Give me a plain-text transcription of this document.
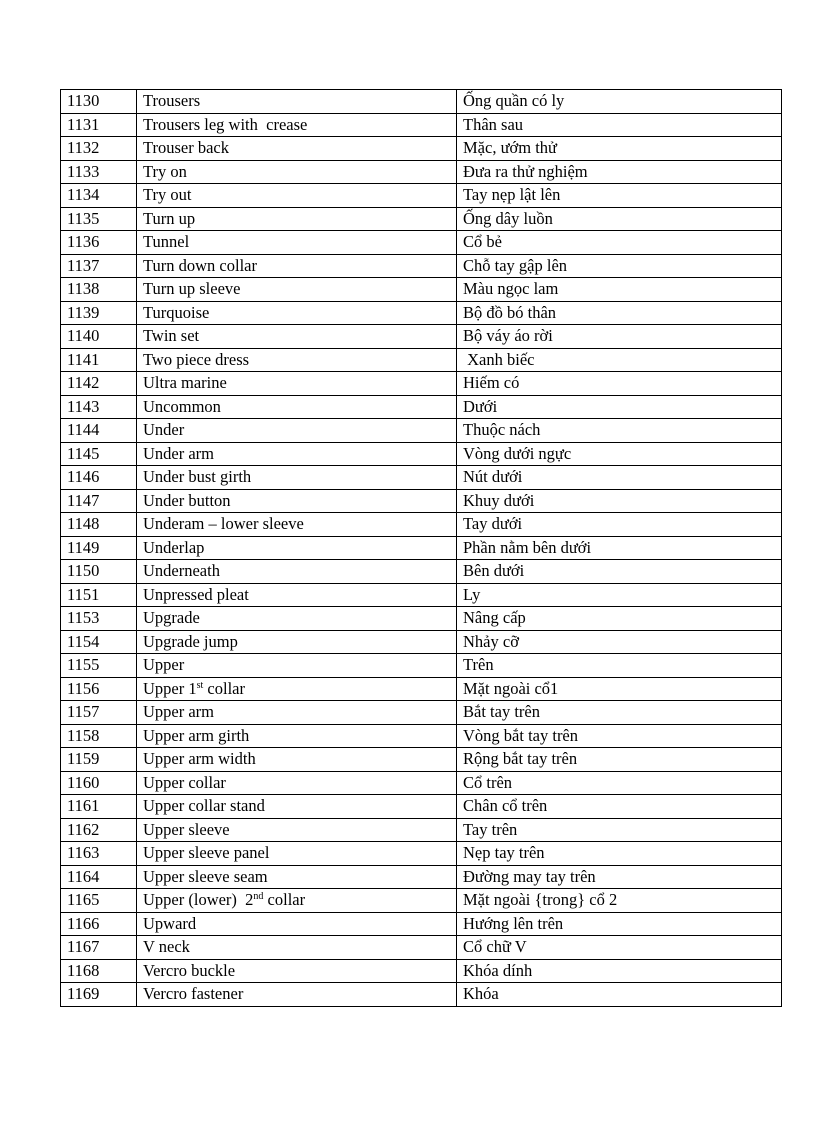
1130	Trousers	Ống quần có ly
1131	Trousers leg with  crease	Thân sau
1132	Trouser back	Mặc, ướm thử
1133	Try on	Đưa ra thử nghiệm
1134	Try out	Tay nẹp lật lên
1135	Turn up	Ống dây luồn
1136	Tunnel	Cổ bẻ
1137	Turn down collar	Chỗ tay gập lên
1138	Turn up sleeve	Màu ngọc lam
1139	Turquoise	Bộ đồ bó thân
1140	Twin set	Bộ váy áo rời
1141	Two piece dress	Xanh biếc
1142	Ultra marine	Hiếm có
1143	Uncommon	Dưới
1144	Under	Thuộc nách
1145	Under arm	Vòng dưới ngực
1146	Under bust girth	Nút dưới
1147	Under button	Khuy dưới
1148	Underam – lower sleeve	Tay dưới
1149	Underlap	Phần nằm bên dưới
1150	Underneath	Bên dưới
1151	Unpressed pleat	Ly
1153	Upgrade	Nâng cấp
1154	Upgrade jump	Nhảy cỡ
1155	Upper	Trên
1156	Upper 1st collar	Mặt ngoài cổ1
1157	Upper arm	Bắt tay trên
1158	Upper arm girth	Vòng bắt tay trên
1159	Upper arm width	Rộng bắt tay trên
1160	Upper collar	Cổ trên
1161	Upper collar stand	Chân cổ trên
1162	Upper sleeve	Tay trên
1163	Upper sleeve panel	Nẹp tay trên
1164	Upper sleeve seam	Đường may tay trên
1165	Upper (lower)  2nd collar	Mặt ngoài {trong} cổ 2
1166	Upward	Hướng lên trên
1167	V neck	Cổ chữ V
1168	Vercro buckle	Khóa dính
1169	Vercro fastener	Khóa
